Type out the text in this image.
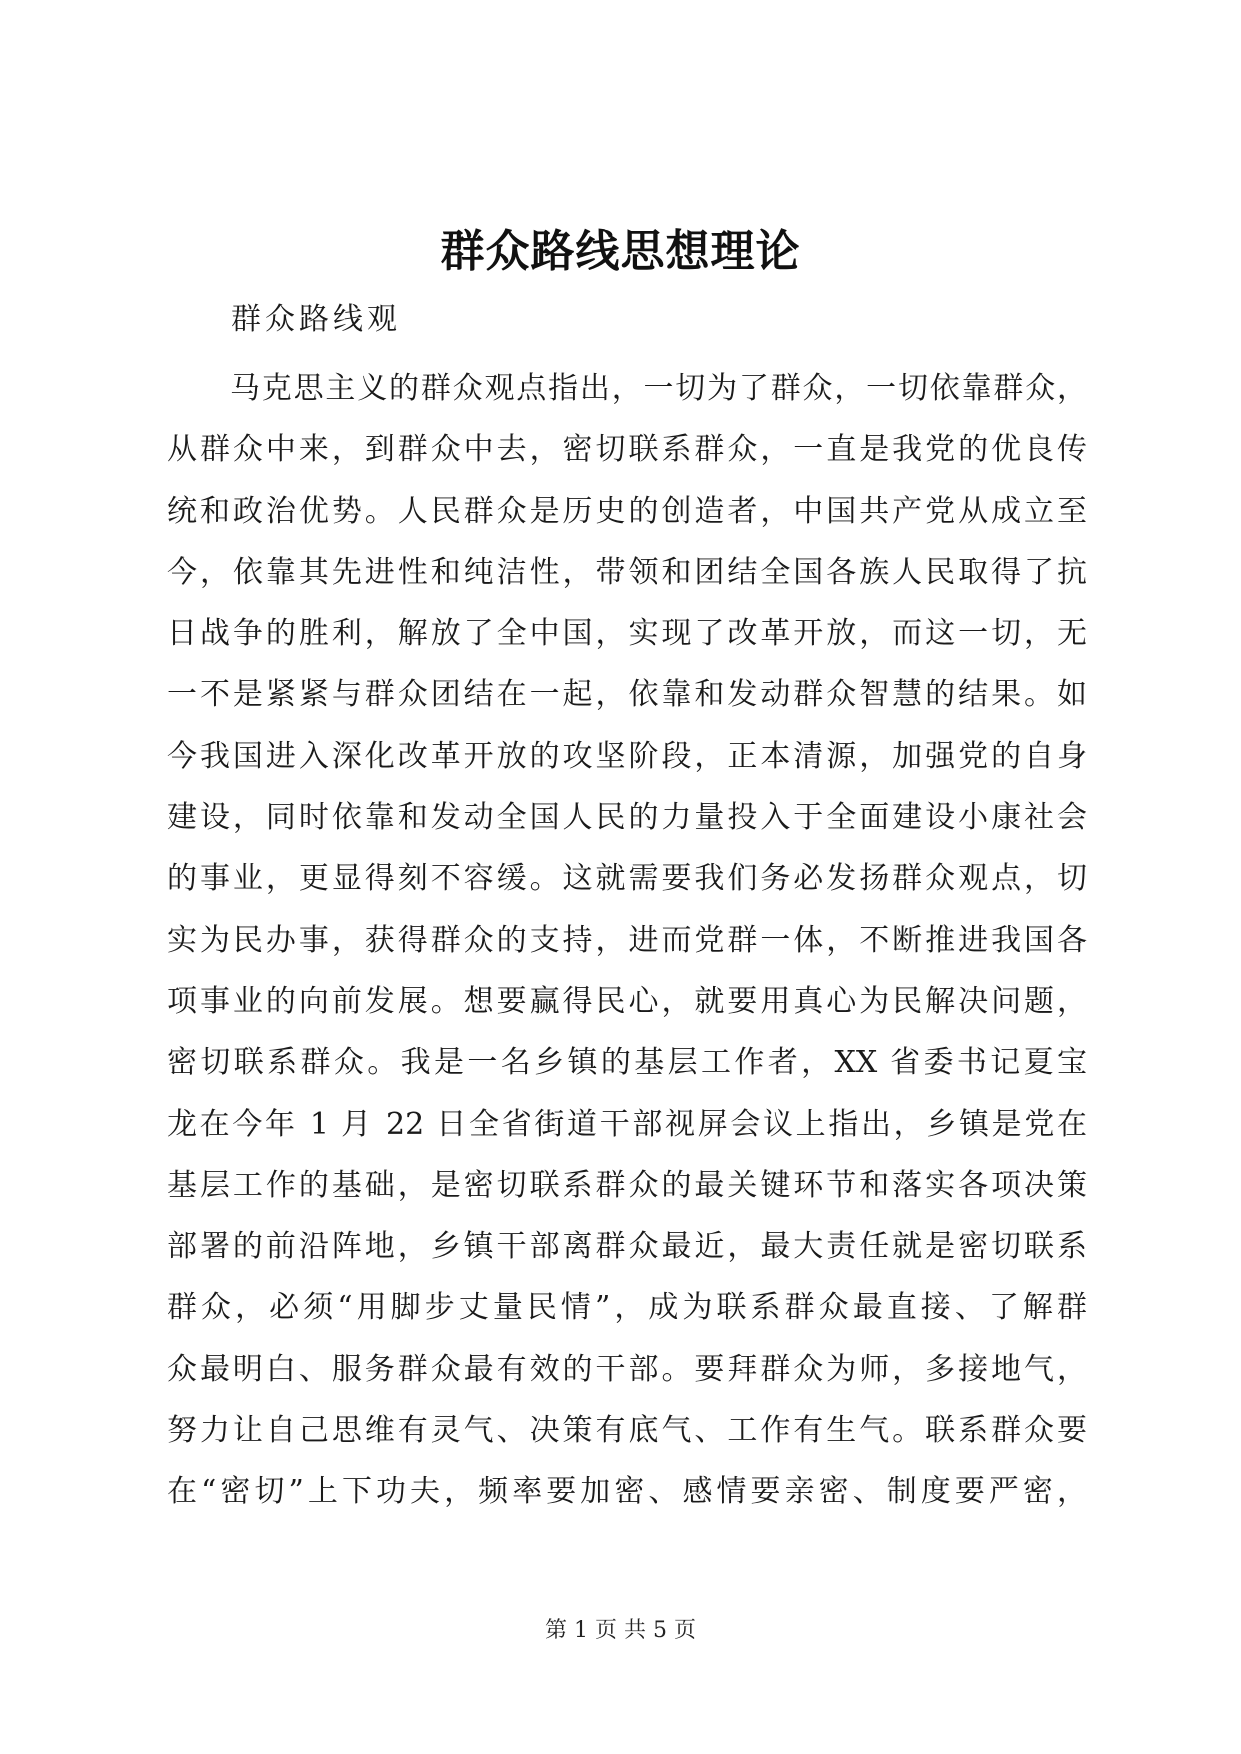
群众路线思想理论
群众路线观
马克思主义的群众观点指出，一切为了群众，一切依靠群众，
从群众中来，到群众中去，密切联系群众，一直是我党的优良传
统和政治优势。人民群众是历史的创造者，中国共产党从成立至
今，依靠其先进性和纯洁性，带领和团结全国各族人民取得了抗
日战争的胜利，解放了全中国，实现了改革开放，而这一切，无
一不是紧紧与群众团结在一起，依靠和发动群众智慧的结果。如
今我国进入深化改革开放的攻坚阶段，正本清源，加强党的自身
建设，同时依靠和发动全国人民的力量投入于全面建设小康社会
的事业，更显得刻不容缓。这就需要我们务必发扬群众观点，切
实为民办事，获得群众的支持，进而党群一体，不断推进我国各
项事业的向前发展。想要赢得民心，就要用真心为民解决问题，
密切联系群众。我是一名乡镇的基层工作者，XX 省委书记夏宝
龙在今年 1 月 22 日全省街道干部视屏会议上指出，乡镇是党在
基层工作的基础，是密切联系群众的最关键环节和落实各项决策
部署的前沿阵地，乡镇干部离群众最近，最大责任就是密切联系
群众，必须“用脚步丈量民情”，成为联系群众最直接、了解群
众最明白、服务群众最有效的干部。要拜群众为师，多接地气，
努力让自己思维有灵气、决策有底气、工作有生气。联系群众要
在“密切”上下功夫，频率要加密、感情要亲密、制度要严密，
第 1 页 共 5 页
